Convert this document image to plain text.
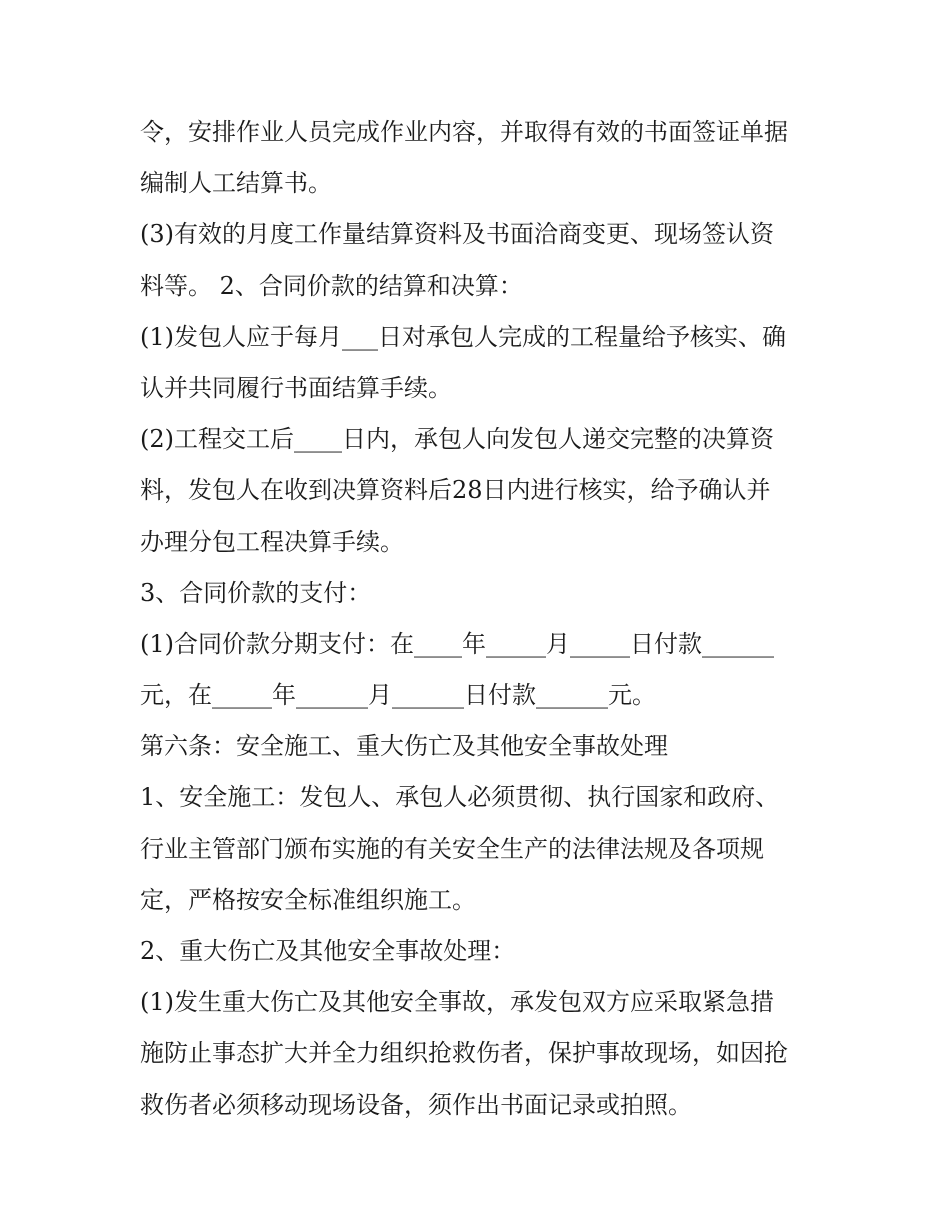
令，安排作业人员完成作业内容，并取得有效的书面签证单据
编制人工结算书。
(3)有效的月度工作量结算资料及书面洽商变更、现场签认资
料等。 2、合同价款的结算和决算：
(1)发包人应于每月___日对承包人完成的工程量给予核实、确
认并共同履行书面结算手续。
(2)工程交工后____日内，承包人向发包人递交完整的决算资
料，发包人在收到决算资料后28日内进行核实，给予确认并
办理分包工程决算手续。
3、合同价款的支付：
(1)合同价款分期支付：在____年_____月_____日付款______
元，在_____年______月______日付款______元。
第六条：安全施工、重大伤亡及其他安全事故处理
1、安全施工：发包人、承包人必须贯彻、执行国家和政府、
行业主管部门颁布实施的有关安全生产的法律法规及各项规
定，严格按安全标准组织施工。
2、重大伤亡及其他安全事故处理：
(1)发生重大伤亡及其他安全事故，承发包双方应采取紧急措
施防止事态扩大并全力组织抢救伤者，保护事故现场，如因抢
救伤者必须移动现场设备，须作出书面记录或拍照。
